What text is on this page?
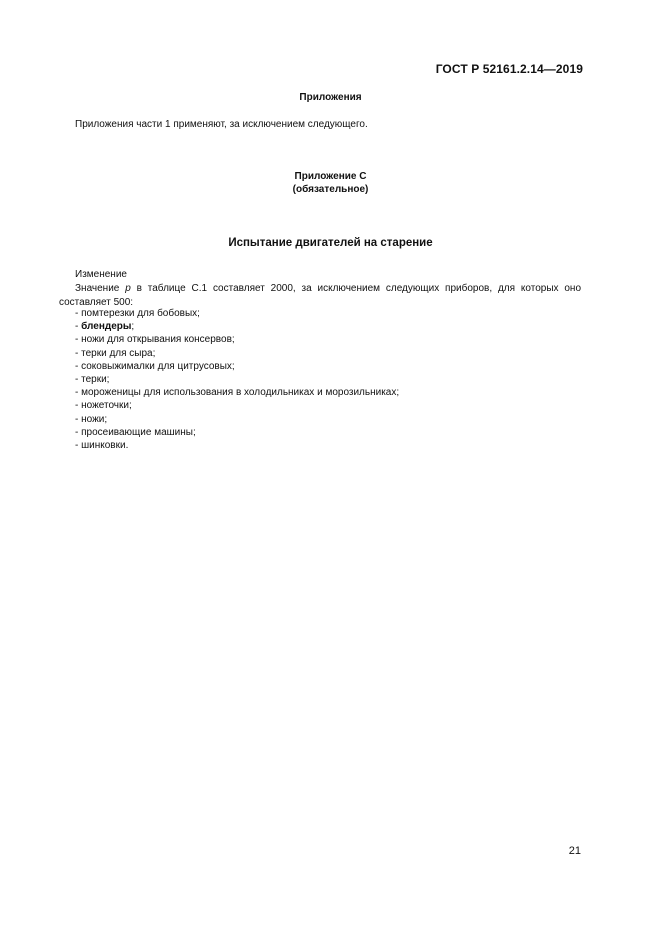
ГОСТ Р 52161.2.14—2019
Приложения
Приложения части 1 применяют, за исключением следующего.
Приложение С
(обязательное)
Испытание двигателей на старение
Изменение
Значение p в таблице С.1 составляет 2000, за исключением следующих приборов, для которых оно составляет 500:
- помтерезки для бобовых;
- блендеры;
- ножи для открывания консервов;
- терки для сыра;
- соковыжималки для цитрусовых;
- терки;
- мороженицы для использования в холодильниках и морозильниках;
- ножеточки;
- ножи;
- просеивающие машины;
- шинковки.
21
